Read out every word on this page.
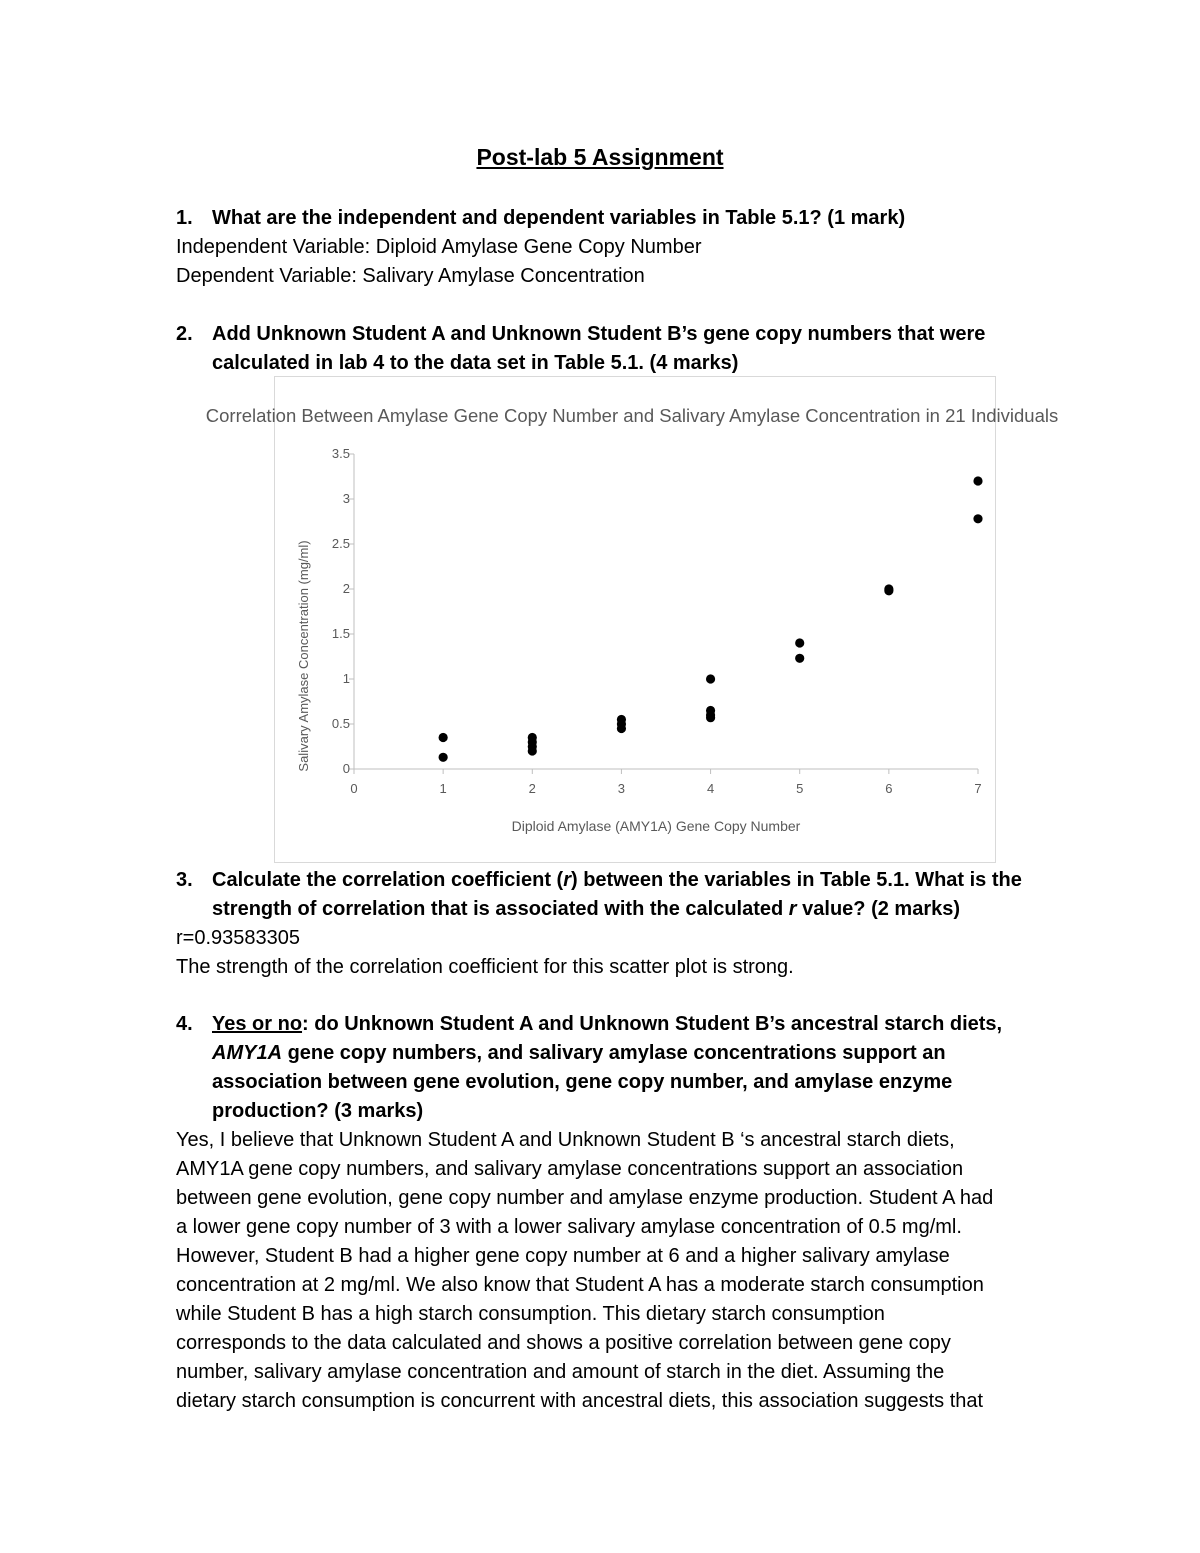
Post-lab 5 Assignment
1. What are the independent and dependent variables in Table 5.1? (1 mark)
Independent Variable: Diploid Amylase Gene Copy Number
Dependent Variable: Salivary Amylase Concentration
2. Add Unknown Student A and Unknown Student B’s gene copy numbers that were
calculated in lab 4 to the data set in Table 5.1. (4 marks)
Correlation Between Amylase Gene Copy Number and Salivary Amylase Concentration in 21 Individuals
0	1	2	3	4	5	6	7
0
0.5
1
1.5
2
2.5
3
3.5
Diploid Amylase (AMY1A) Gene Copy Number
Salivary Amylase Concentration (mg/ml)
3. Calculate the correlation coefficient (r) between the variables in Table 5.1. What is the
strength of correlation that is associated with the calculated r value? (2 marks)
r=0.93583305
The strength of the correlation coefficient for this scatter plot is strong.
4. Yes or no: do Unknown Student A and Unknown Student B’s ancestral starch diets,
AMY1A gene copy numbers, and salivary amylase concentrations support an
association between gene evolution, gene copy number, and amylase enzyme
production? (3 marks)
Yes, I believe that Unknown Student A and Unknown Student B ‘s ancestral starch diets,
AMY1A gene copy numbers, and salivary amylase concentrations support an association
between gene evolution, gene copy number and amylase enzyme production. Student A had
a lower gene copy number of 3 with a lower salivary amylase concentration of 0.5 mg/ml.
However, Student B had a higher gene copy number at 6 and a higher salivary amylase
concentration at 2 mg/ml. We also know that Student A has a moderate starch consumption
while Student B has a high starch consumption. This dietary starch consumption
corresponds to the data calculated and shows a positive correlation between gene copy
number, salivary amylase concentration and amount of starch in the diet. Assuming the
dietary starch consumption is concurrent with ancestral diets, this association suggests that
